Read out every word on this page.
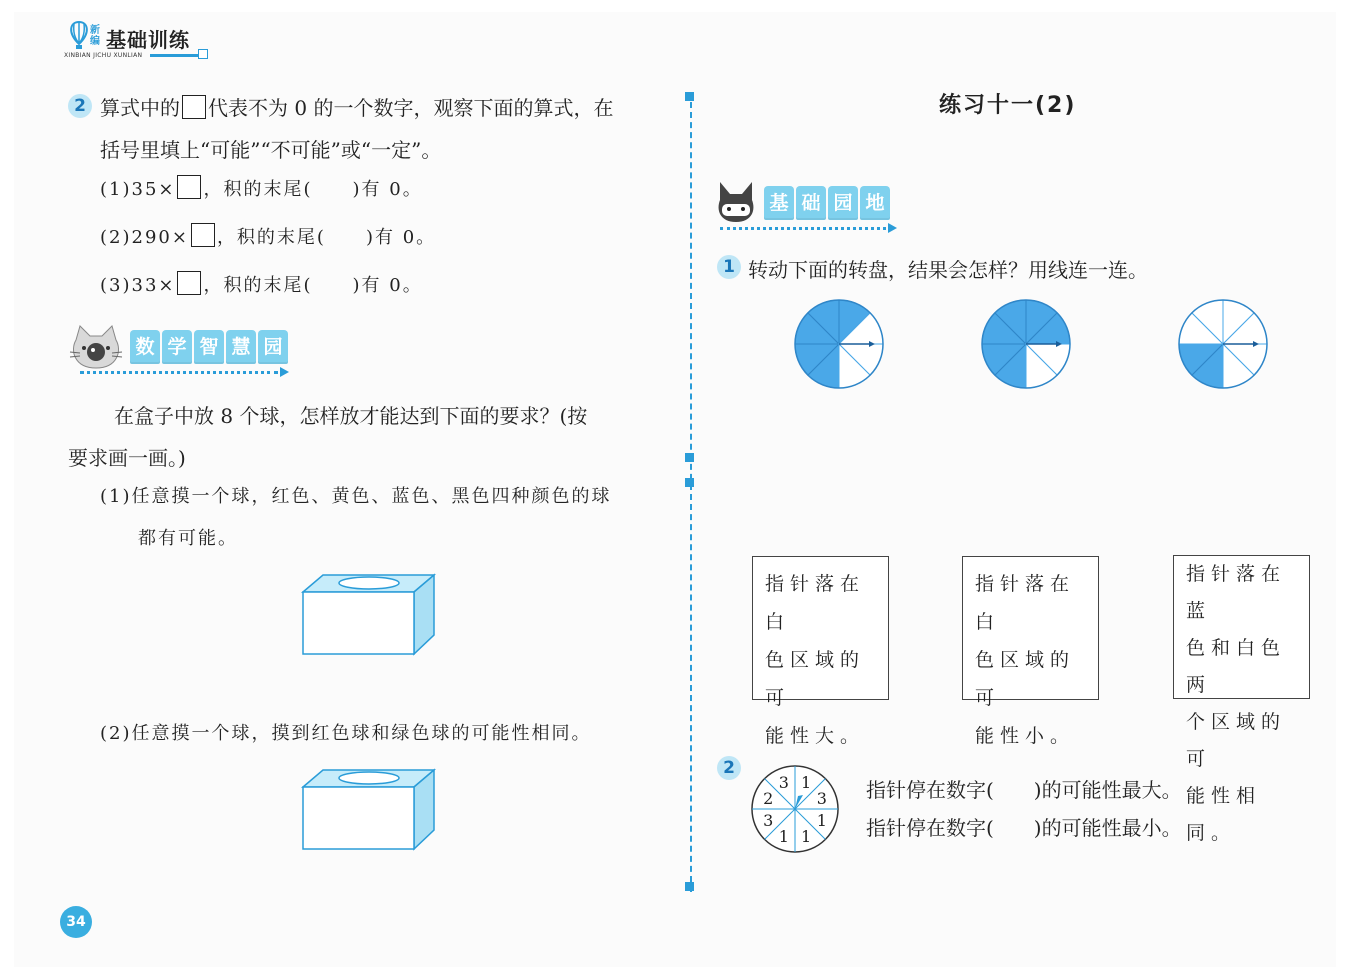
新编 基础训练
XINBIAN JICHU XUNLIAN
2 算式中的 代表不为 0 的一个数字，观察下面的算式，在
括号里填上“可能”“不可能”或“一定”。
(1)35× ，积的末尾(　　)有 0。
(2)290× ，积的末尾(　　)有 0。
(3)33× ，积的末尾(　　)有 0。
数 学 智 慧 园
在盒子中放 8 个球，怎样放才能达到下面的要求？(按
要求画一画。)
(1)任意摸一个球，红色、黄色、蓝色、黑色四种颜色的球
都有可能。
(2)任意摸一个球，摸到红色球和绿色球的可能性相同。
34
练习十一(2)
基 础 园 地
1 转动下面的转盘，结果会怎样？用线连一连。
指针落在白
色区域的可
能性大。
指针落在白
色区域的可
能性小。
指针落在蓝
色和白色两
个区域的可
能性相同。
2
1
3
1
1
1
3
2
3	指针停在数字(　　)的可能性最大。
指针停在数字(　　)的可能性最小。
